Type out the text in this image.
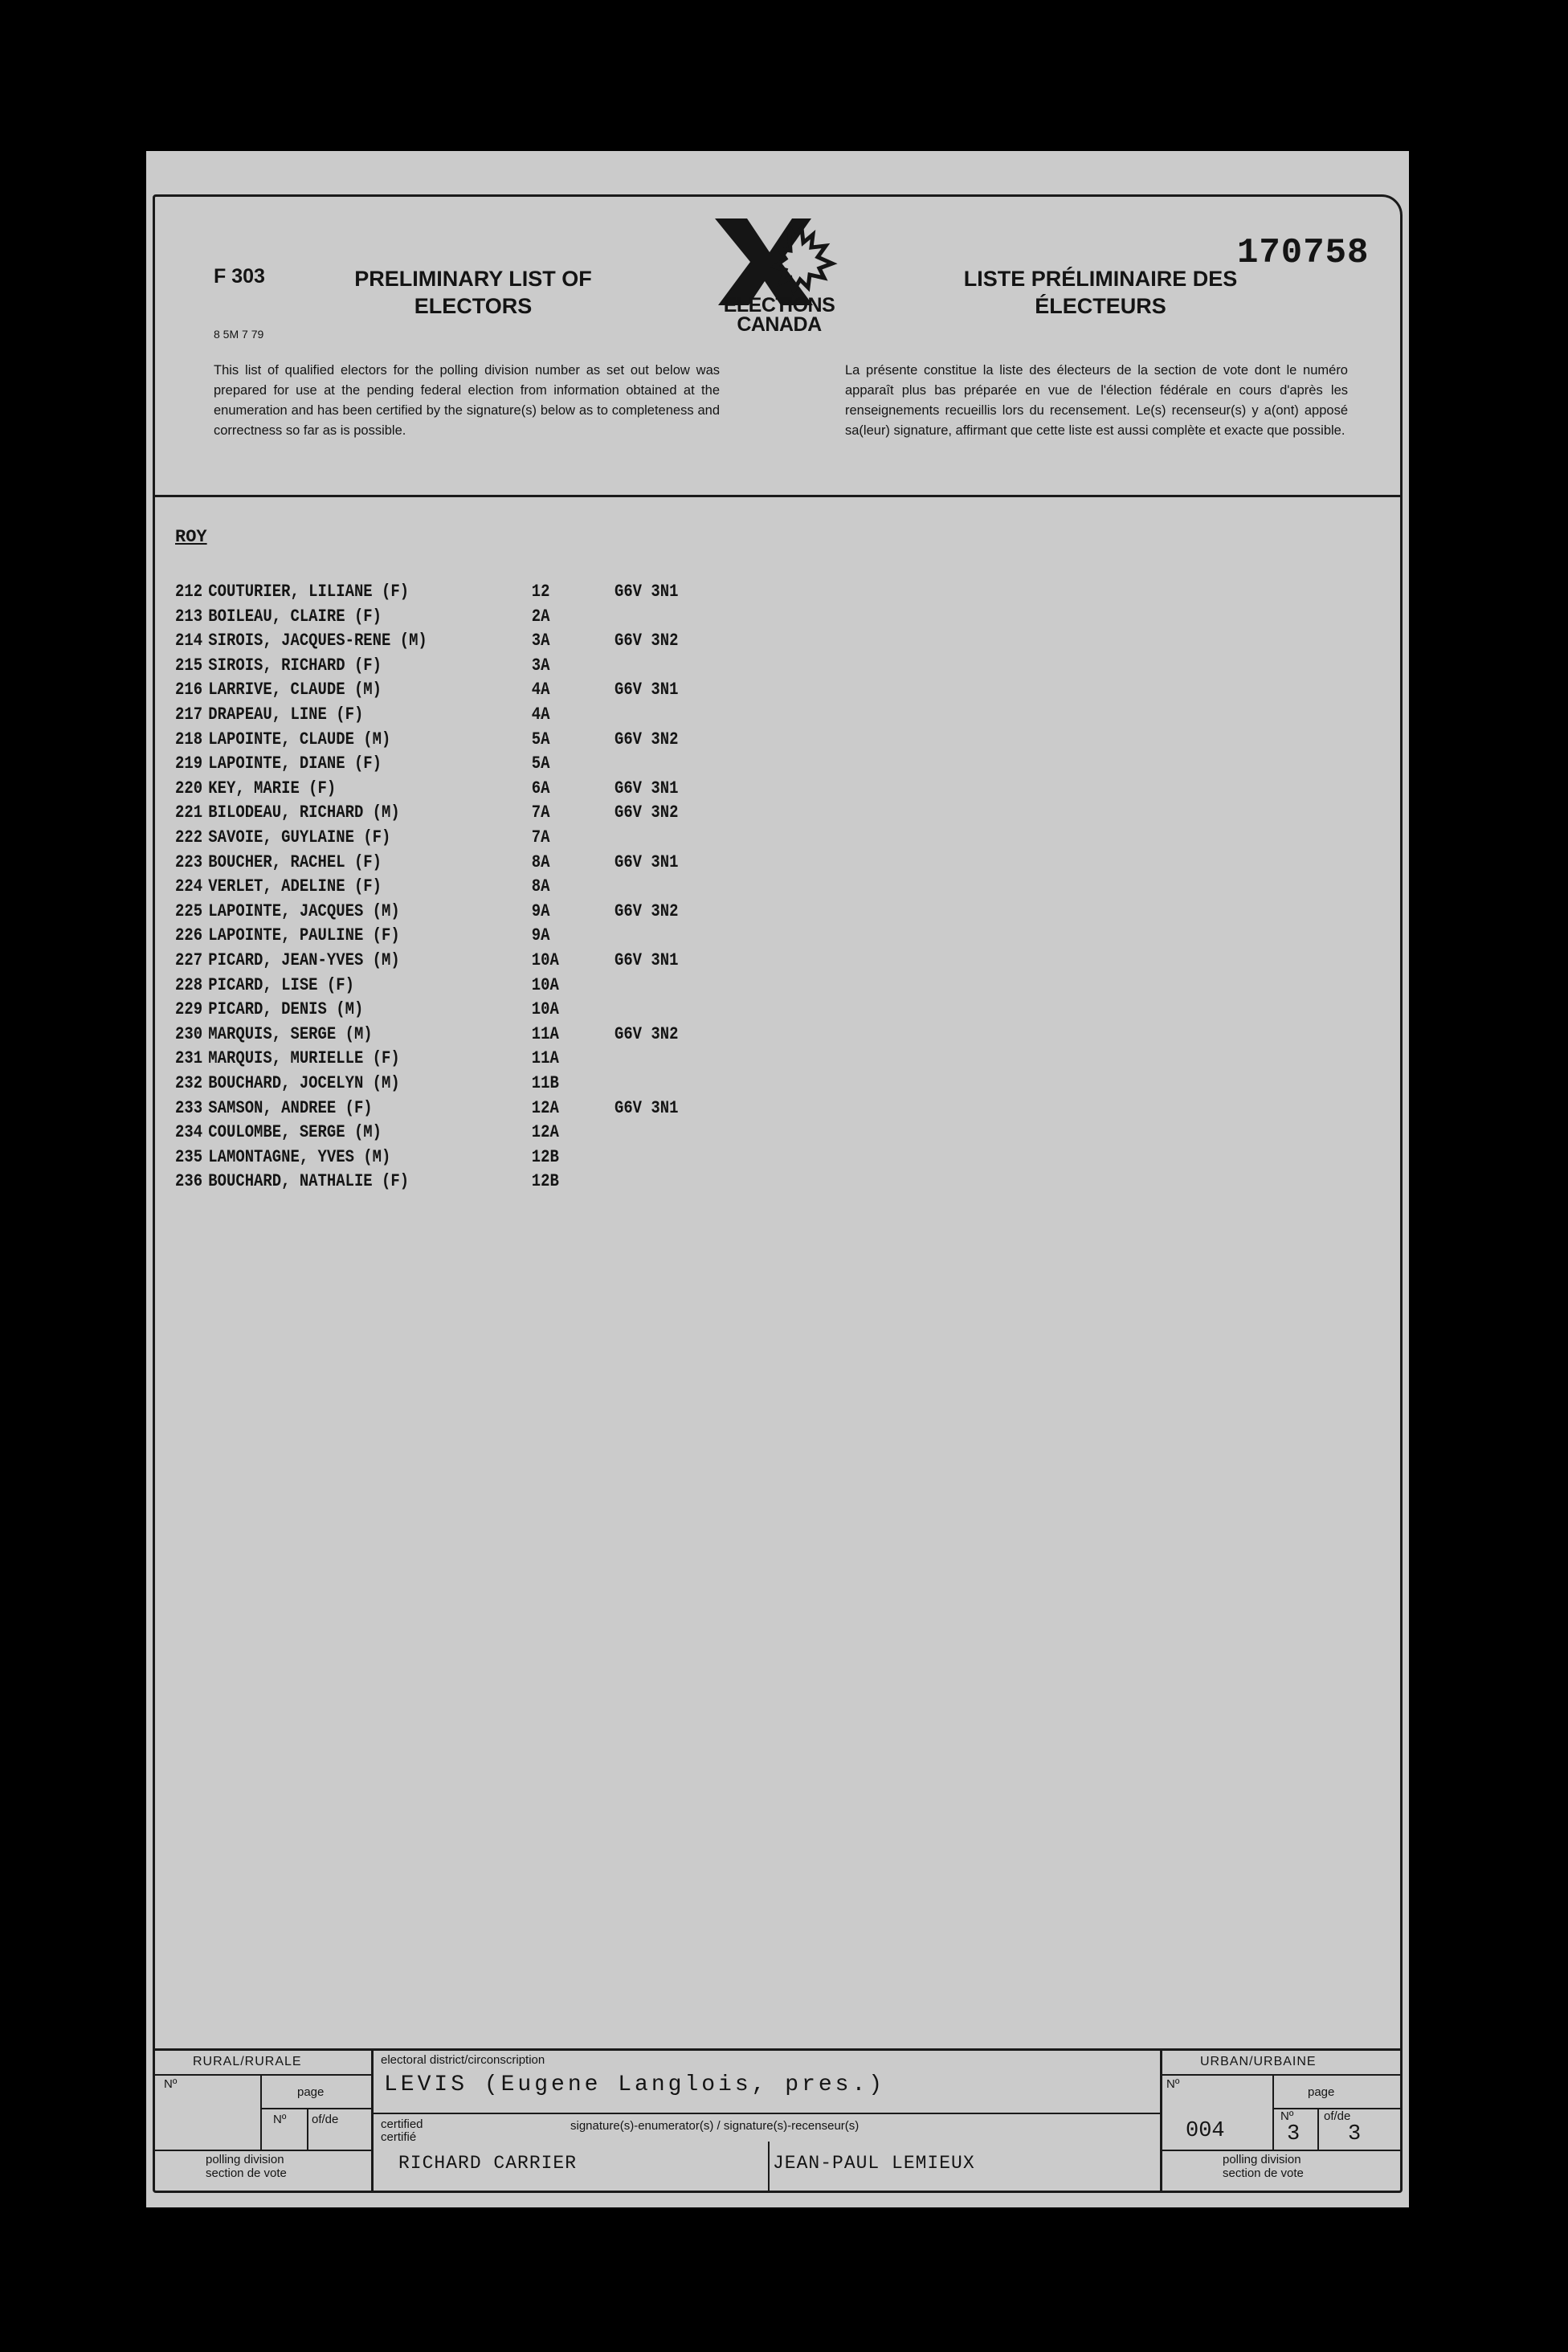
F 303
8 5M 7 79
PRELIMINARY LIST OF
ELECTORS
LISTE PRÉLIMINAIRE DES
ÉLECTEURS
170758
ELECTIONS
CANADA
This list of qualified electors for the polling division number as set out below was prepared for use at the pending federal election from information obtained at the enumeration and has been certified by the signature(s) below as to completeness and correctness so far as is possible.
La présente constitue la liste des électeurs de la section de vote dont le numéro apparaît plus bas préparée en vue de l'élection fédérale en cours d'après les renseignements recueillis lors du recensement. Le(s) recenseur(s) y a(ont) apposé sa(leur) signature, affirmant que cette liste est aussi complète et exacte que possible.
ROY
212 COUTURIER, LILIANE (F)	12	G6V 3N1
213 BOILEAU, CLAIRE (F)	2A
214 SIROIS, JACQUES-RENE (M)	3A	G6V 3N2
215 SIROIS, RICHARD (F)	3A
216 LARRIVE, CLAUDE (M)	4A	G6V 3N1
217 DRAPEAU, LINE (F)	4A
218 LAPOINTE, CLAUDE (M)	5A	G6V 3N2
219 LAPOINTE, DIANE (F)	5A
220 KEY, MARIE (F)	6A	G6V 3N1
221 BILODEAU, RICHARD (M)	7A	G6V 3N2
222 SAVOIE, GUYLAINE (F)	7A
223 BOUCHER, RACHEL (F)	8A	G6V 3N1
224 VERLET, ADELINE (F)	8A
225 LAPOINTE, JACQUES (M)	9A	G6V 3N2
226 LAPOINTE, PAULINE (F)	9A
227 PICARD, JEAN-YVES (M)	10A	G6V 3N1
228 PICARD, LISE (F)	10A
229 PICARD, DENIS (M)	10A
230 MARQUIS, SERGE (M)	11A	G6V 3N2
231 MARQUIS, MURIELLE (F)	11A
232 BOUCHARD, JOCELYN (M)	11B
233 SAMSON, ANDREE (F)	12A	G6V 3N1
234 COULOMBE, SERGE (M)	12A
235 LAMONTAGNE, YVES (M)	12B
236 BOUCHARD, NATHALIE (F)	12B
RURAL/RURALE
Nº
page
Nº of/de
polling division
section de vote
electoral district/circonscription
LEVIS (Eugene Langlois, pres.)
certified
certifié
signature(s)-enumerator(s) / signature(s)-recenseur(s)
RICHARD CARRIER	JEAN-PAUL LEMIEUX
URBAN/URBAINE
Nº
page
Nº	of/de
004	3 3
polling division
section de vote
